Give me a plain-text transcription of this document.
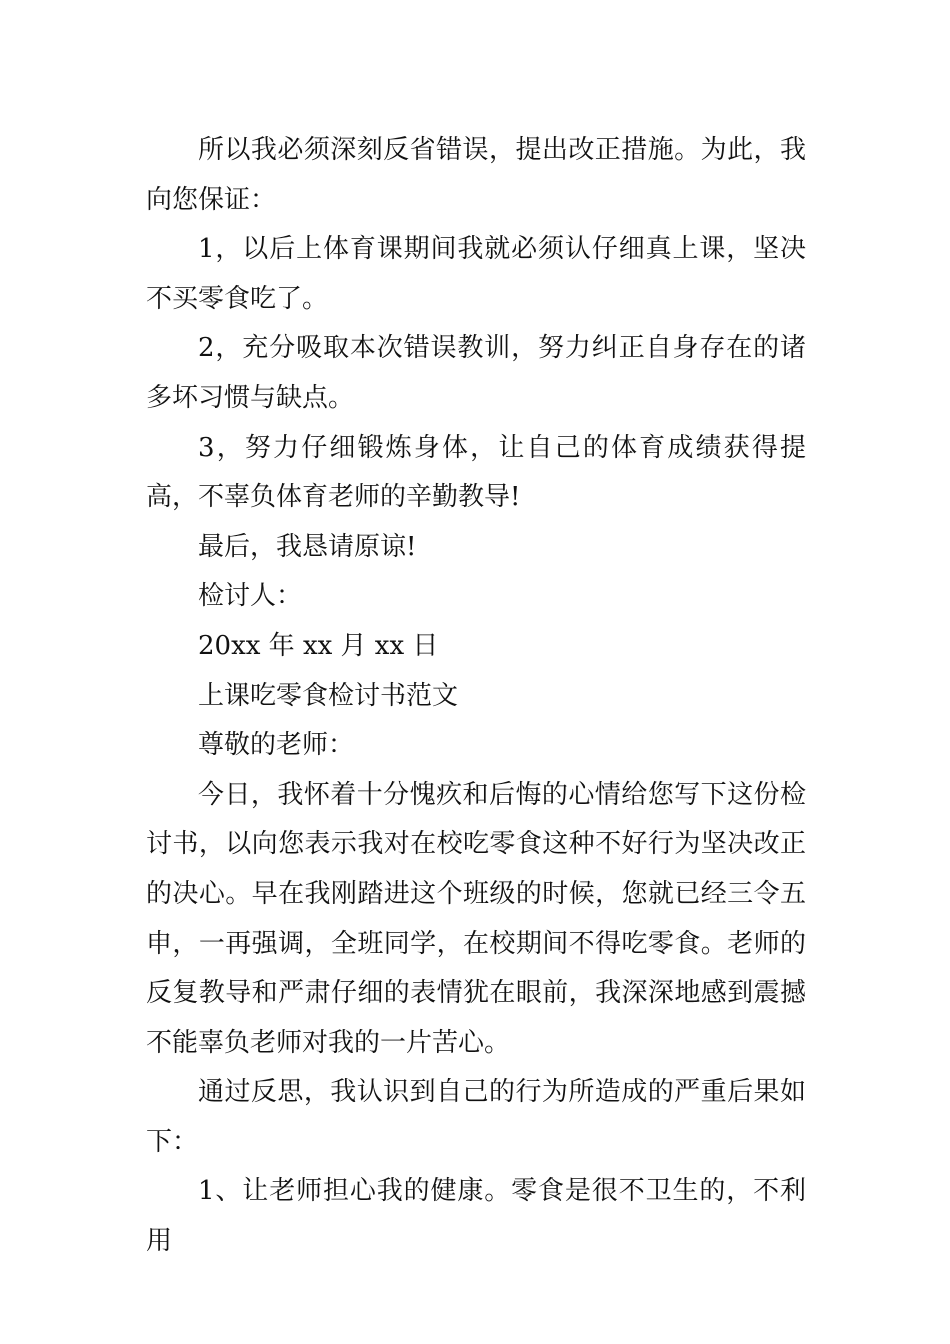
所以我必须深刻反省错误，提出改正措施。为此，我向您保证：

1，以后上体育课期间我就必须认仔细真上课，坚决不买零食吃了。

2，充分吸取本次错误教训，努力纠正自身存在的诸多坏习惯与缺点。

3，努力仔细锻炼身体，让自己的体育成绩获得提高，不辜负体育老师的辛勤教导!

最后，我恳请原谅!

检讨人：

20xx 年 xx 月 xx 日

上课吃零食检讨书范文

尊敬的老师：

今日，我怀着十分愧疚和后悔的心情给您写下这份检讨书，以向您表示我对在校吃零食这种不好行为坚决改正的决心。早在我刚踏进这个班级的时候，您就已经三令五申，一再强调，全班同学，在校期间不得吃零食。老师的反复教导和严肃仔细的表情犹在眼前，我深深地感到震撼不能辜负老师对我的一片苦心。

通过反思，我认识到自己的行为所造成的严重后果如下：

1、让老师担心我的健康。零食是很不卫生的，不利用
